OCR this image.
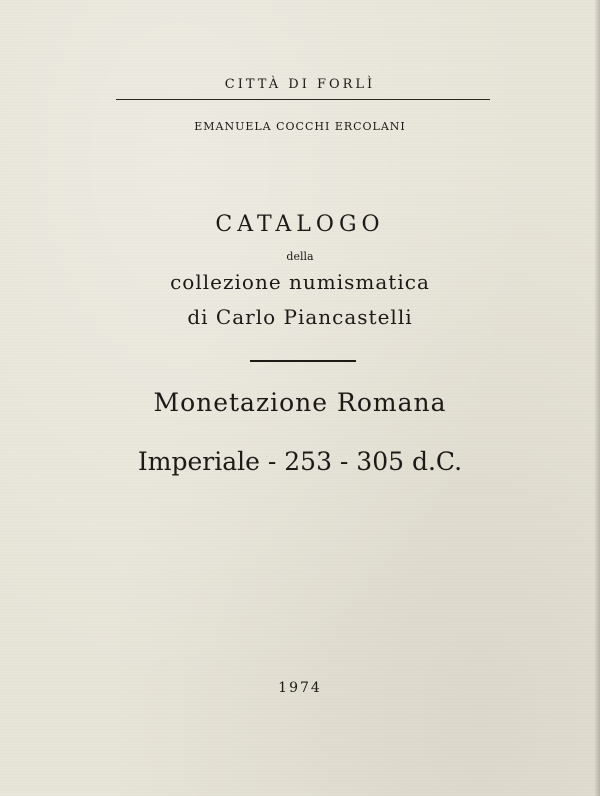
CITTÀ DI FORLÌ
EMANUELA COCCHI ERCOLANI
CATALOGO
della
collezione numismatica
di Carlo Piancastelli
Monetazione Romana
Imperiale - 253 - 305 d.C.
1974
